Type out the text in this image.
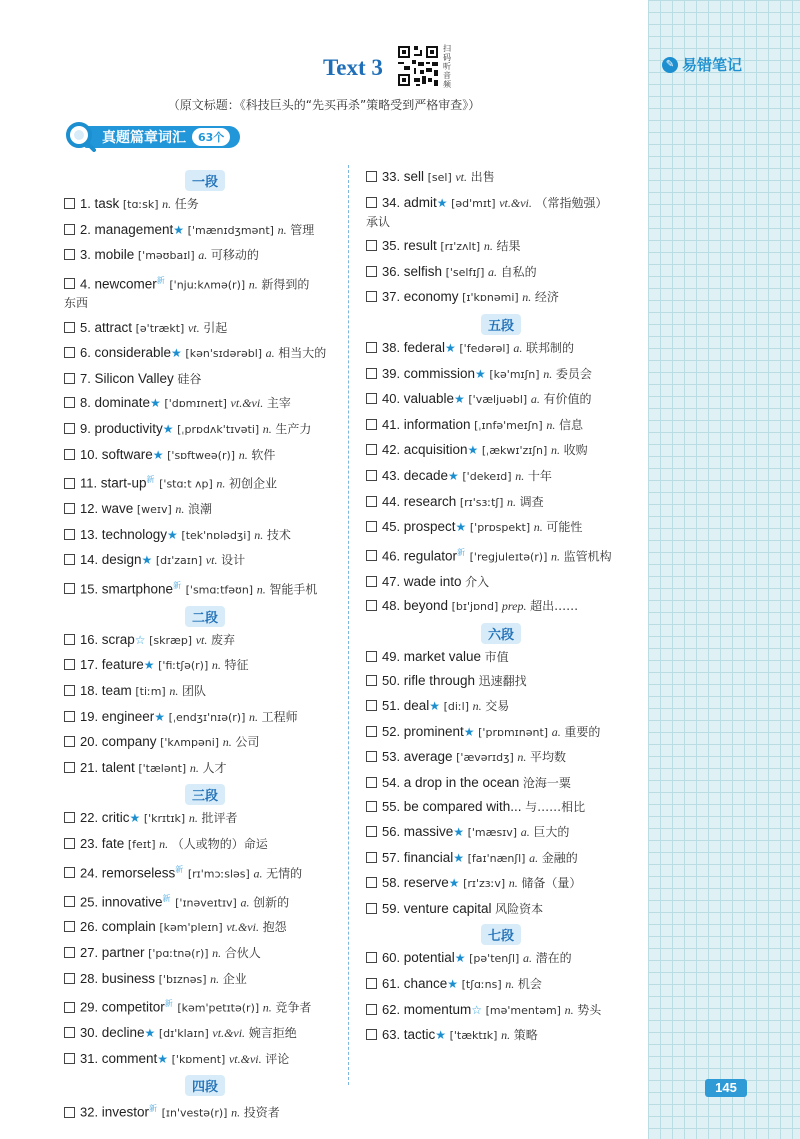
✎ 易错笔记
Text 3
扫码听音频
（原文标题：《科技巨头的“先买再杀”策略受到严格审查》）
真题篇章词汇	63个
一段
1. task [tɑːsk] n. 任务
2. management★ ['mænɪdʒmənt] n. 管理
3. mobile ['məʊbaɪl] a. 可移动的
4. newcomer$^新$ ['njuːkʌmə(r)] n. 新得到的
东西
5. attract [ə'trækt] vt. 引起
6. considerable★ [kən'sɪdərəbl] a. 相当大的
7. Silicon Valley 硅谷
8. dominate★ ['dɒmɪneɪt] vt.&vi. 主宰
9. productivity★ [ˌprɒdʌk'tɪvəti] n. 生产力
10. software★ ['sɒftweə(r)] n. 软件
11. start-$up^新$ ['stɑːt ʌp] n. 初创企业
12. wave [weɪv] n. 浪潮
13. technology★ [tek'nɒlədʒi] n. 技术
14. design★ [dɪ'zaɪn] vt. 设计
15. smartphone$^新$ ['smɑːtfəʊn] n. 智能手机
二段
16. scrap☆ [skræp] vt. 废弃
17. feature★ ['fiːtʃə(r)] n. 特征
18. team [tiːm] n. 团队
19. engineer★ [ˌendʒɪ'nɪə(r)] n. 工程师
20. company ['kʌmpəni] n. 公司
21. talent ['tælənt] n. 人才
三段
22. critic★ ['krɪtɪk] n. 批评者
23. fate [feɪt] n. （人或物的）命运
24. remorseless$^新$ [rɪ'mɔːsləs] a. 无情的
25. innovative$^新$ ['ɪnəveɪtɪv] a. 创新的
26. complain [kəm'pleɪn] vt.&vi. 抱怨
27. partner ['pɑːtnə(r)] n. 合伙人
28. business ['bɪznəs] n. 企业
29. competitor$^新$ [kəm'petɪtə(r)] n. 竞争者
30. decline★ [dɪ'klaɪn] vt.&vi. 婉言拒绝
31. comment★ ['kɒment] vt.&vi. 评论
四段
32. investor$^新$ [ɪn'vestə(r)] n. 投资者
33. sell [sel] vt. 出售
34. admit★ [əd'mɪt] vt.&vi. （常指勉强）
承认
35. result [rɪ'zʌlt] n. 结果
36. selfish ['selfɪʃ] a. 自私的
37. economy [ɪ'kɒnəmi] n. 经济
五段
38. federal★ ['fedərəl] a. 联邦制的
39. commission★ [kə'mɪʃn] n. 委员会
40. valuable★ ['væljuəbl] a. 有价值的
41. information [ˌɪnfə'meɪʃn] n. 信息
42. acquisition★ [ˌækwɪ'zɪʃn] n. 收购
43. decade★ ['dekeɪd] n. 十年
44. research [rɪ'sɜːtʃ] n. 调查
45. prospect★ ['prɒspekt] n. 可能性
46. regulator$^新$ ['regjuleɪtə(r)] n. 监管机构
47. wade into 介入
48. beyond [bɪ'jɒnd] prep. 超出……
六段
49. market value 市值
50. rifle through 迅速翻找
51. deal★ [diːl] n. 交易
52. prominent★ ['prɒmɪnənt] a. 重要的
53. average ['ævərɪdʒ] n. 平均数
54. a drop in the ocean 沧海一粟
55. be compared with... 与……相比
56. massive★ ['mæsɪv] a. 巨大的
57. financial★ [faɪ'nænʃl] a. 金融的
58. reserve★ [rɪ'zɜːv] n. 储备（量）
59. venture capital 风险资本
七段
60. potential★ [pə'tenʃl] a. 潜在的
61. chance★ [tʃɑːns] n. 机会
62. momentum☆ [mə'mentəm] n. 势头
63. tactic★ ['tæktɪk] n. 策略
145
